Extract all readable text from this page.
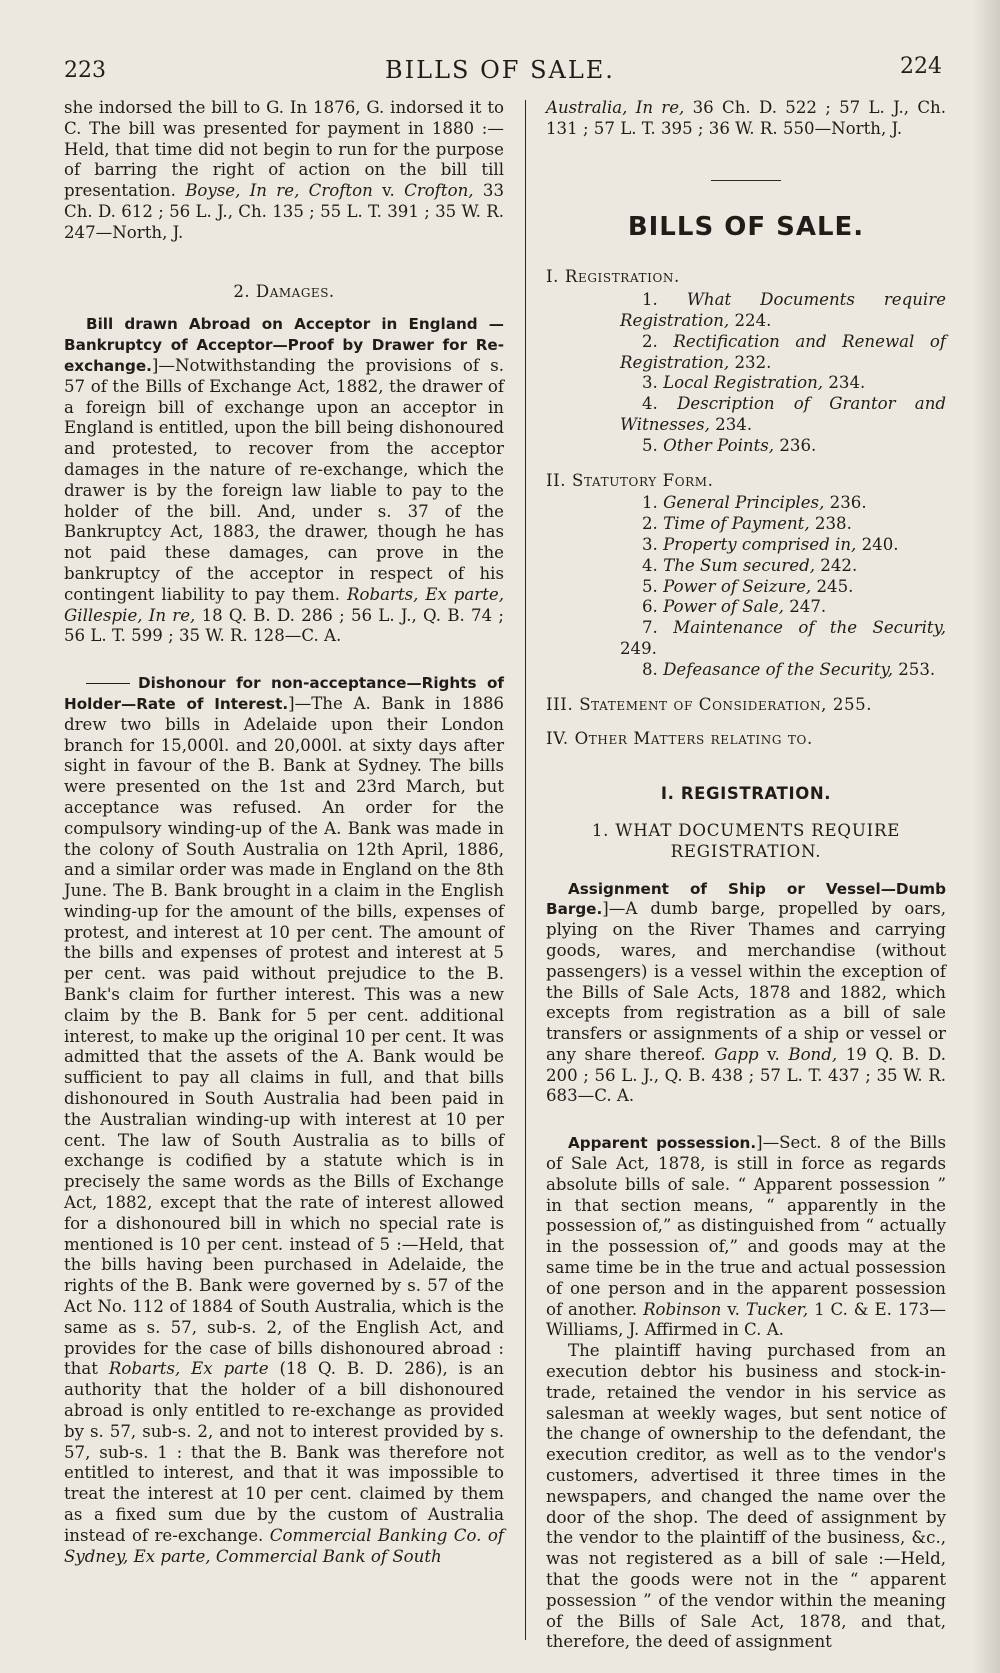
223	BILLS OF SALE.	224

she indorsed the bill to G. In 1876, G. indorsed it to C. The bill was presented for payment in 1880 :—Held, that time did not begin to run for the purpose of barring the right of action on the bill till presentation. Boyse, In re, Crofton v. Crofton, 33 Ch. D. 612 ; 56 L. J., Ch. 135 ; 55 L. T. 391 ; 35 W. R. 247—North, J.

2. Damages.

Bill drawn Abroad on Acceptor in England —Bankruptcy of Acceptor—Proof by Drawer for Re-exchange.]—Notwithstanding the provisions of s. 57 of the Bills of Exchange Act, 1882, the drawer of a foreign bill of exchange upon an acceptor in England is entitled, upon the bill being dishonoured and protested, to recover from the acceptor damages in the nature of re-exchange, which the drawer is by the foreign law liable to pay to the holder of the bill. And, under s. 37 of the Bankruptcy Act, 1883, the drawer, though he has not paid these damages, can prove in the bankruptcy of the acceptor in respect of his contingent liability to pay them. Robarts, Ex parte, Gillespie, In re, 18 Q. B. D. 286 ; 56 L. J., Q. B. 74 ; 56 L. T. 599 ; 35 W. R. 128—C. A.

Dishonour for non-acceptance—Rights of Holder—Rate of Interest.]—The A. Bank in 1886 drew two bills in Adelaide upon their London branch for 15,000l. and 20,000l. at sixty days after sight in favour of the B. Bank at Sydney. The bills were presented on the 1st and 23rd March, but acceptance was refused. An order for the compulsory winding-up of the A. Bank was made in the colony of South Australia on 12th April, 1886, and a similar order was made in England on the 8th June. The B. Bank brought in a claim in the English winding-up for the amount of the bills, expenses of protest, and interest at 10 per cent. The amount of the bills and expenses of protest and interest at 5 per cent. was paid without prejudice to the B. Bank's claim for further interest. This was a new claim by the B. Bank for 5 per cent. additional interest, to make up the original 10 per cent. It was admitted that the assets of the A. Bank would be sufficient to pay all claims in full, and that bills dishonoured in South Australia had been paid in the Australian winding-up with interest at 10 per cent. The law of South Australia as to bills of exchange is codified by a statute which is in precisely the same words as the Bills of Exchange Act, 1882, except that the rate of interest allowed for a dishonoured bill in which no special rate is mentioned is 10 per cent. instead of 5 :—Held, that the bills having been purchased in Adelaide, the rights of the B. Bank were governed by s. 57 of the Act No. 112 of 1884 of South Australia, which is the same as s. 57, sub-s. 2, of the English Act, and provides for the case of bills dishonoured abroad : that Robarts, Ex parte (18 Q. B. D. 286), is an authority that the holder of a bill dishonoured abroad is only entitled to re-exchange as provided by s. 57, sub-s. 2, and not to interest provided by s. 57, sub-s. 1 : that the B. Bank was therefore not entitled to interest, and that it was impossible to treat the interest at 10 per cent. claimed by them as a fixed sum due by the custom of Australia instead of re-exchange. Commercial Banking Co. of Sydney, Ex parte, Commercial Bank of South

Australia, In re, 36 Ch. D. 522 ; 57 L. J., Ch. 131 ; 57 L. T. 395 ; 36 W. R. 550—North, J.

BILLS OF SALE.
I. Registration.

1. What Documents require Registration, 224.

2. Rectification and Renewal of Registration, 232.

3. Local Registration, 234.

4. Description of Grantor and Witnesses, 234.

5. Other Points, 236.

II. Statutory Form.

1. General Principles, 236.

2. Time of Payment, 238.

3. Property comprised in, 240.

4. The Sum secured, 242.

5. Power of Seizure, 245.

6. Power of Sale, 247.

7. Maintenance of the Security, 249.

8. Defeasance of the Security, 253.

III. Statement of Consideration, 255.
IV. Other Matters relating to.
I. REGISTRATION.
1. WHAT DOCUMENTS REQUIRE REGISTRATION.

Assignment of Ship or Vessel—Dumb Barge.]—A dumb barge, propelled by oars, plying on the River Thames and carrying goods, wares, and merchandise (without passengers) is a vessel within the exception of the Bills of Sale Acts, 1878 and 1882, which excepts from registration as a bill of sale transfers or assignments of a ship or vessel or any share thereof. Gapp v. Bond, 19 Q. B. D. 200 ; 56 L. J., Q. B. 438 ; 57 L. T. 437 ; 35 W. R. 683—C. A.

Apparent possession.]—Sect. 8 of the Bills of Sale Act, 1878, is still in force as regards absolute bills of sale. “ Apparent possession ” in that section means, “ apparently in the possession of,” as distinguished from “ actually in the possession of,” and goods may at the same time be in the true and actual possession of one person and in the apparent possession of another. Robinson v. Tucker, 1 C. & E. 173—Williams, J. Affirmed in C. A.

The plaintiff having purchased from an execution debtor his business and stock-in-trade, retained the vendor in his service as salesman at weekly wages, but sent notice of the change of ownership to the defendant, the execution creditor, as well as to the vendor's customers, advertised it three times in the newspapers, and changed the name over the door of the shop. The deed of assignment by the vendor to the plaintiff of the business, &c., was not registered as a bill of sale :—Held, that the goods were not in the “ apparent possession ” of the vendor within the meaning of the Bills of Sale Act, 1878, and that, therefore, the deed of assignment
